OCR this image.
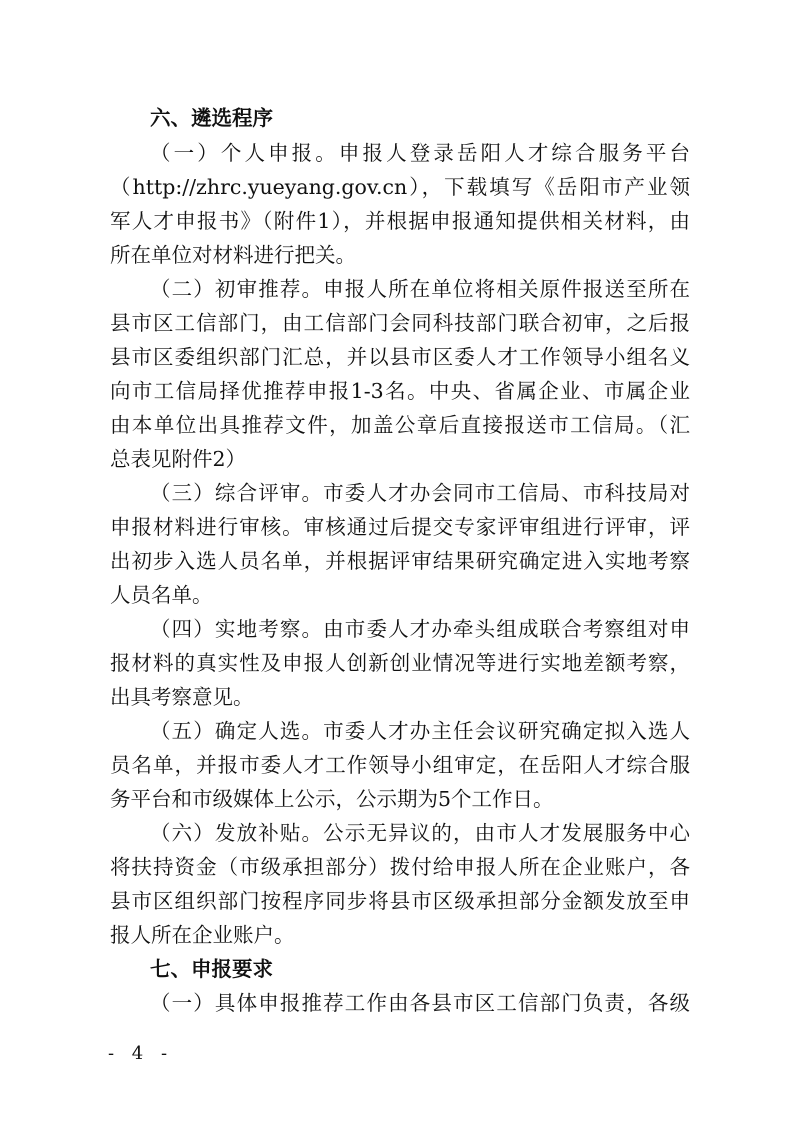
六、遴选程序
（一）个人申报。申报人登录岳阳人才综合服务平台
（http://zhrc.yueyang.gov.cn），下载填写《岳阳市产业领
军人才申报书》（附件1），并根据申报通知提供相关材料，由
所在单位对材料进行把关。
（二）初审推荐。申报人所在单位将相关原件报送至所在
县市区工信部门，由工信部门会同科技部门联合初审，之后报
县市区委组织部门汇总，并以县市区委人才工作领导小组名义
向市工信局择优推荐申报1-3名。中央、省属企业、市属企业
由本单位出具推荐文件，加盖公章后直接报送市工信局。（汇
总表见附件2）
（三）综合评审。市委人才办会同市工信局、市科技局对
申报材料进行审核。审核通过后提交专家评审组进行评审，评
出初步入选人员名单，并根据评审结果研究确定进入实地考察
人员名单。
（四）实地考察。由市委人才办牵头组成联合考察组对申
报材料的真实性及申报人创新创业情况等进行实地差额考察，
出具考察意见。
（五）确定人选。市委人才办主任会议研究确定拟入选人
员名单，并报市委人才工作领导小组审定，在岳阳人才综合服
务平台和市级媒体上公示，公示期为5个工作日。
（六）发放补贴。公示无异议的，由市人才发展服务中心
将扶持资金（市级承担部分）拨付给申报人所在企业账户，各
县市区组织部门按程序同步将县市区级承担部分金额发放至申
报人所在企业账户。
七、申报要求
（一）具体申报推荐工作由各县市区工信部门负责，各级
- 4 -
